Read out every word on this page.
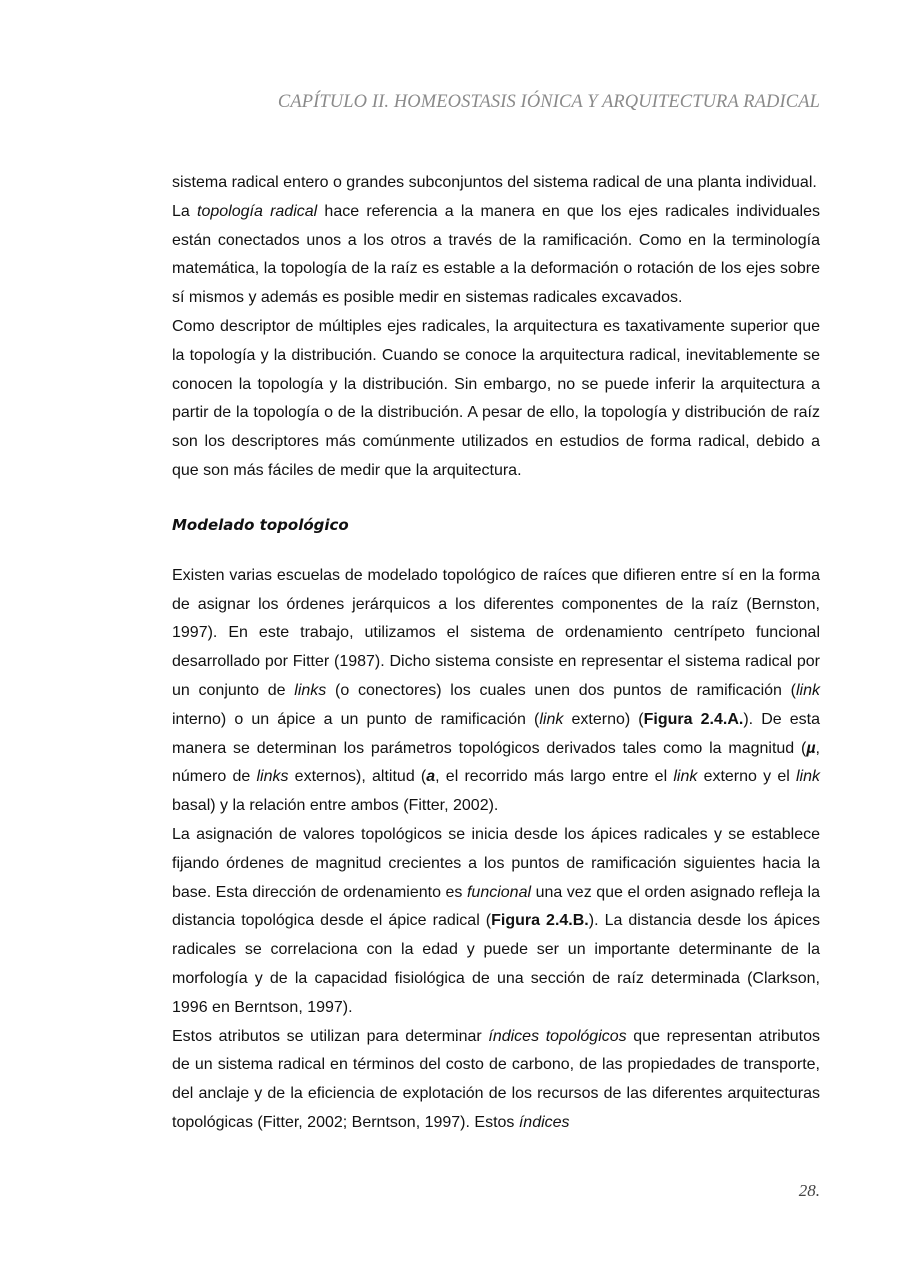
CAPÍTULO II. HOMEOSTASIS IÓNICA Y ARQUITECTURA RADICAL

sistema radical entero o grandes subconjuntos del sistema radical de una planta individual.

La topología radical hace referencia a la manera en que los ejes radicales individuales están conectados unos a los otros a través de la ramificación. Como en la terminología matemática, la topología de la raíz es estable a la deformación o rotación de los ejes sobre sí mismos y además es posible medir en sistemas radicales excavados.

Como descriptor de múltiples ejes radicales, la arquitectura es taxativamente superior que la topología y la distribución. Cuando se conoce la arquitectura radical, inevitablemente se conocen la topología y la distribución. Sin embargo, no se puede inferir la arquitectura a partir de la topología o de la distribución. A pesar de ello, la topología y distribución de raíz son los descriptores más comúnmente utilizados en estudios de forma radical, debido a que son más fáciles de medir que la arquitectura.

Modelado topológico

Existen varias escuelas de modelado topológico de raíces que difieren entre sí en la forma de asignar los órdenes jerárquicos a los diferentes componentes de la raíz (Bernston, 1997). En este trabajo, utilizamos el sistema de ordenamiento centrípeto funcional desarrollado por Fitter (1987). Dicho sistema consiste en representar el sistema radical por un conjunto de links (o conectores) los cuales unen dos puntos de ramificación (link interno) o un ápice a un punto de ramificación (link externo) (Figura 2.4.A.). De esta manera se determinan los parámetros topológicos derivados tales como la magnitud (µ, número de links externos), altitud (a, el recorrido más largo entre el link externo y el link basal) y la relación entre ambos (Fitter, 2002).

La asignación de valores topológicos se inicia desde los ápices radicales y se establece fijando órdenes de magnitud crecientes a los puntos de ramificación siguientes hacia la base. Esta dirección de ordenamiento es funcional una vez que el orden asignado refleja la distancia topológica desde el ápice radical (Figura 2.4.B.). La distancia desde los ápices radicales se correlaciona con la edad y puede ser un importante determinante de la morfología y de la capacidad fisiológica de una sección de raíz determinada (Clarkson, 1996 en Berntson, 1997).

Estos atributos se utilizan para determinar índices topológicos que representan atributos de un sistema radical en términos del costo de carbono, de las propiedades de transporte, del anclaje y de la eficiencia de explotación de los recursos de las diferentes arquitecturas topológicas (Fitter, 2002; Berntson, 1997). Estos índices

28.
